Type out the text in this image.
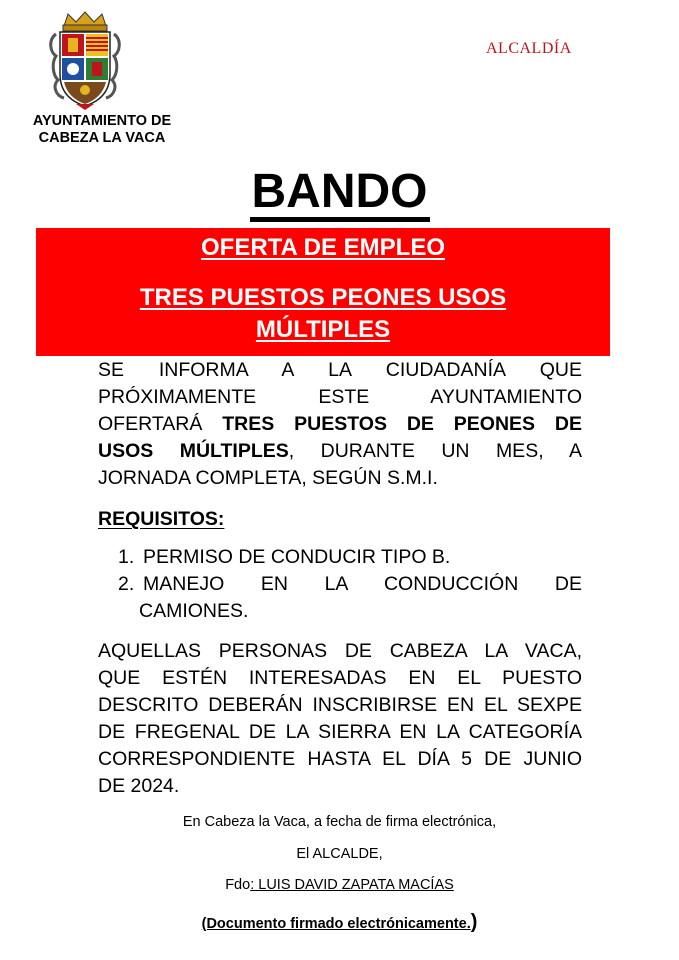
AYUNTAMIENTO DE
CABEZA LA VACA
ALCALDÍA
BANDO
OFERTA DE EMPLEO
TRES PUESTOS PEONES USOS
MÚLTIPLES
SE INFORMA A LA CIUDADANÍA QUE
PRÓXIMAMENTE ESTE AYUNTAMIENTO
OFERTARÁ TRES PUESTOS DE PEONES DE
USOS MÚLTIPLES, DURANTE UN MES, A
JORNADA COMPLETA, SEGÚN S.M.I.
REQUISITOS:
1. PERMISO DE CONDUCIR TIPO B.
2. MANEJO EN LA CONDUCCIÓN DE
CAMIONES.
AQUELLAS PERSONAS DE CABEZA LA VACA,
QUE ESTÉN INTERESADAS EN EL PUESTO
DESCRITO DEBERÁN INSCRIBIRSE EN EL SEXPE
DE FREGENAL DE LA SIERRA EN LA CATEGORÍA
CORRESPONDIENTE HASTA EL DÍA 5 DE JUNIO
DE 2024.
En Cabeza la Vaca, a fecha de firma electrónica,
El ALCALDE,
Fdo: LUIS DAVID ZAPATA MACÍAS
(Documento firmado electrónicamente.)
